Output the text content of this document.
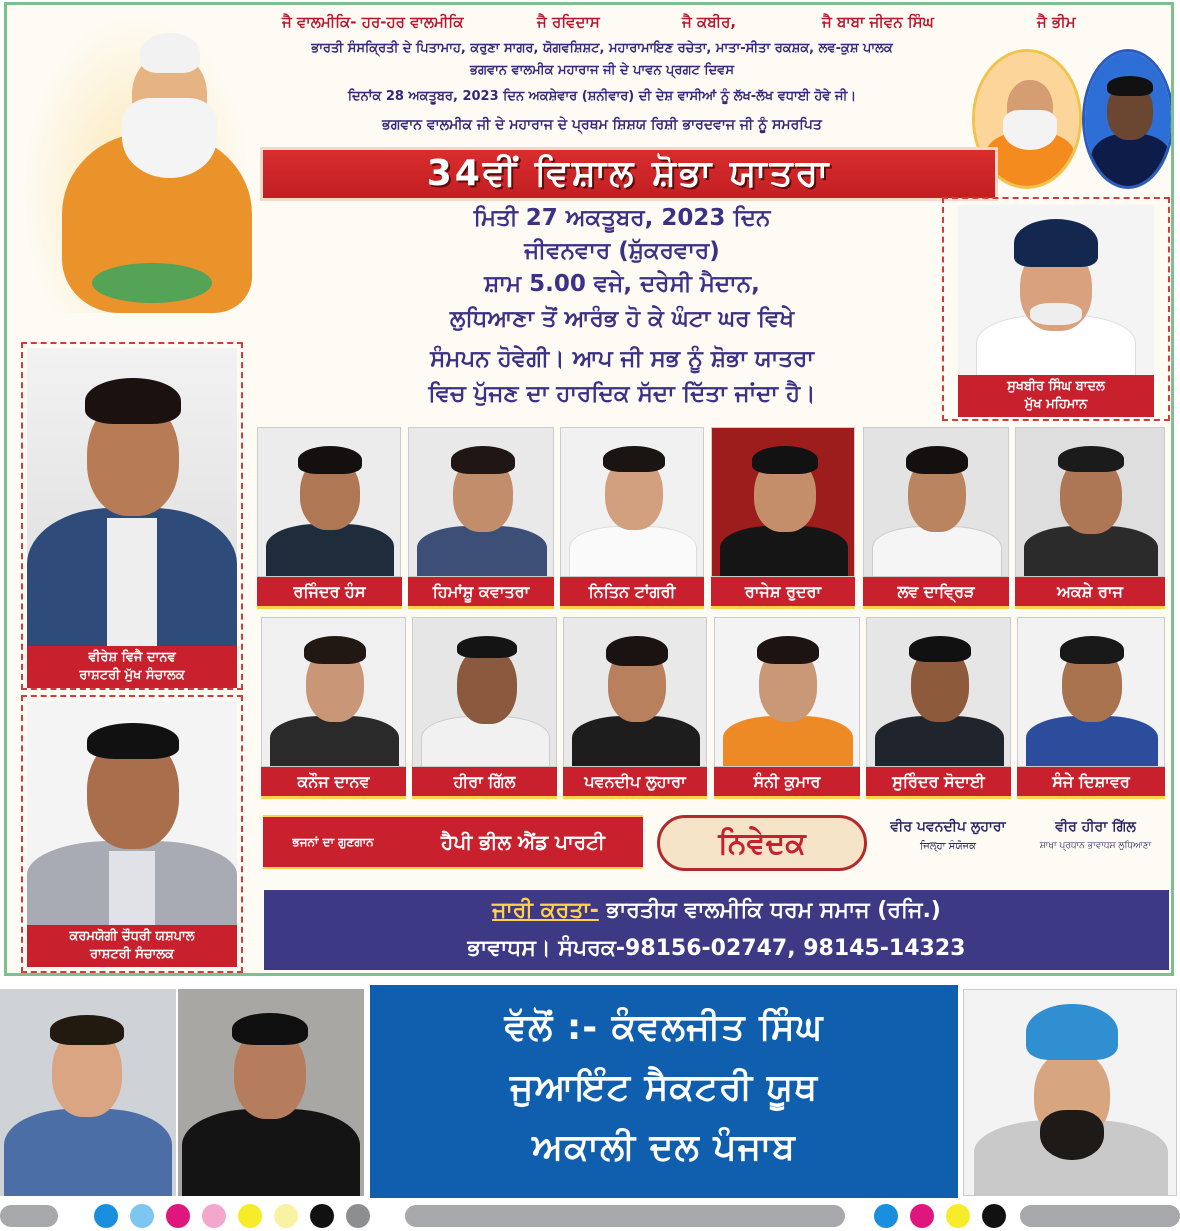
ਜੈ ਵਾਲਮੀਕਿ- ਹਰ-ਹਰ ਵਾਲਮੀਕਿ	ਜੈ ਰਵਿਦਾਸ	ਜੈ ਕਬੀਰ,	ਜੈ ਬਾਬਾ ਜੀਵਨ ਸਿੰਘ	ਜੈ ਭੀਮ
ਭਾਰਤੀ ਸੰਸਕ੍ਰਿਤੀ ਦੇ ਪਿਤਾਮਾਹ, ਕਰੁਣਾ ਸਾਗਰ, ਯੋਗਵਸ਼ਿਸ਼ਟ, ਮਹਾਰਾਮਾਇਣ ਰਚੇਤਾ, ਮਾਤਾ-ਸੀਤਾ ਰਕਸ਼ਕ, ਲਵ-ਕੁਸ਼ ਪਾਲਕ
ਭਗਵਾਨ ਵਾਲਮੀਕ ਮਹਾਰਾਜ ਜੀ ਦੇ ਪਾਵਨ ਪ੍ਰਗਟ ਦਿਵਸ
ਦਿਨਾਂਕ 28 ਅਕਤੂਬਰ, 2023 ਦਿਨ ਅਕਸ਼ੇਵਾਰ (ਸ਼ਨੀਵਾਰ) ਦੀ ਦੇਸ਼ ਵਾਸੀਆਂ ਨੂੰ ਲੱਖ-ਲੱਖ ਵਧਾਈ ਹੋਵੇ ਜੀ।
ਭਗਵਾਨ ਵਾਲਮੀਕ ਜੀ ਦੇ ਮਹਾਰਾਜ ਦੇ ਪ੍ਰਥਮ ਸ਼ਿਸ਼ਯ ਰਿਸ਼ੀ ਭਾਰਦਵਾਜ ਜੀ ਨੂੰ ਸਮਰਪਿਤ
34ਵੀਂ ਵਿਸ਼ਾਲ ਸ਼ੋਭਾ ਯਾਤਰਾ
ਮਿਤੀ 27 ਅਕਤੂਬਰ, 2023 ਦਿਨ
ਜੀਵਨਵਾਰ (ਸ਼ੁੱਕਰਵਾਰ)
ਸ਼ਾਮ 5.00 ਵਜੇ, ਦਰੇਸੀ ਮੈਦਾਨ,
ਲੁਧਿਆਣਾ ਤੋਂ ਆਰੰਭ ਹੋ ਕੇ ਘੰਟਾ ਘਰ ਵਿਖੇ
ਸੰਮਪਨ ਹੋਵੇਗੀ। ਆਪ ਜੀ ਸਭ ਨੂੰ ਸ਼ੋਭਾ ਯਾਤਰਾ
ਵਿਚ ਪੁੱਜਣ ਦਾ ਹਾਰਦਿਕ ਸੱਦਾ ਦਿੱਤਾ ਜਾਂਦਾ ਹੈ।	ਸੁਖਬੀਰ ਸਿੰਘ ਬਾਦਲ
ਮੁੱਖ ਮਹਿਮਾਨ
ਵੀਰੇਸ਼ ਵਿਜੈ ਦਾਨਵ
ਰਾਸ਼ਟਰੀ ਮੁੱਖ ਸੰਚਾਲਕ
ਕਰਮਯੋਗੀ ਚੌਧਰੀ ਯਸ਼ਪਾਲ
ਰਾਸ਼ਟਰੀ ਸੰਚਾਲਕ
ਰਜਿੰਦਰ ਹੰਸ	ਹਿਮਾਂਸ਼ੂ ਕਵਾਤਰਾ	ਨਿਤਿਨ ਟਾਂਗਰੀ	ਰਾਜੇਸ਼ ਰੁਦਰਾ	ਲਵ ਦਾਵ੍ਰਿੜ	ਅਕਸ਼ੇ ਰਾਜ
ਕਨੌਜ ਦਾਨਵ	ਹੀਰਾ ਗਿੱਲ	ਪਵਨਦੀਪ ਲੁਹਾਰਾ	ਸੰਨੀ ਕੁਮਾਰ	ਸੁਰਿੰਦਰ ਸੋਦਾਈ	ਸੰਜੇ ਦਿਸ਼ਾਵਰ
ਭਜਨਾਂ ਦਾ ਗੁਣਗਾਨ	ਹੈਪੀ ਭੀਲ ਐਂਡ ਪਾਰਟੀ	ਨਿਵੇਦਕ	ਵੀਰ ਪਵਨਦੀਪ ਲੁਹਾਰਾ
ਜਿਲ੍ਹਾ ਸੰਯੋਜਕ
ਵੀਰ ਹੀਰਾ ਗਿੱਲ
ਸ਼ਾਖਾ ਪ੍ਰਧਾਨ ਭਾਵਾਧਸ ਲੁਧਿਆਣਾ
ਜਾਰੀ ਕਰਤਾ- ਭਾਰਤੀਯ ਵਾਲਮੀਕਿ ਧਰਮ ਸਮਾਜ (ਰਜਿ.)
ਭਾਵਾਧਸ। ਸੰਪਰਕ-98156-02747, 98145-14323
ਵੱਲੋਂ :- ਕੰਵਲਜੀਤ ਸਿੰਘ
ਜੁਆਇੰਟ ਸੈਕਟਰੀ ਯੂਥ
ਅਕਾਲੀ ਦਲ ਪੰਜਾਬ
